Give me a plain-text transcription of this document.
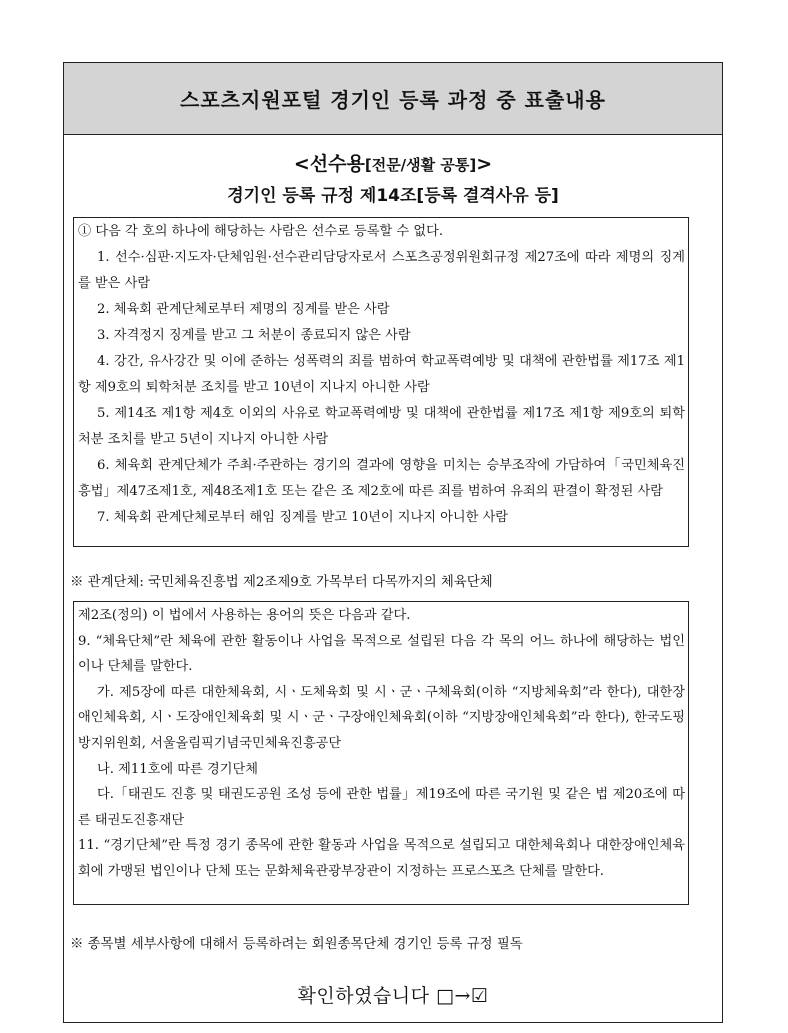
스포츠지원포털 경기인 등록 과정 중 표출내용
<선수용[전문/생활 공통]>
경기인 등록 규정 제14조[등록 결격사유 등]

① 다음 각 호의 하나에 해당하는 사람은 선수로 등록할 수 없다.

1. 선수·심판·지도자·단체임원·선수관리담당자로서 스포츠공정위원회규정 제27조에 따라 제명의 징계를 받은 사람

2. 체육회 관계단체로부터 제명의 징계를 받은 사람

3. 자격정지 징계를 받고 그 처분이 종료되지 않은 사람

4. 강간, 유사강간 및 이에 준하는 성폭력의 죄를 범하여 학교폭력예방 및 대책에 관한법률 제17조 제1항 제9호의 퇴학처분 조치를 받고 10년이 지나지 아니한 사람

5. 제14조 제1항 제4호 이외의 사유로 학교폭력예방 및 대책에 관한법률 제17조 제1항 제9호의 퇴학처분 조치를 받고 5년이 지나지 아니한 사람

6. 체육회 관계단체가 주최·주관하는 경기의 결과에 영향을 미치는 승부조작에 가담하여「국민체육진흥법」제47조제1호, 제48조제1호 또는 같은 조 제2호에 따른 죄를 범하여 유죄의 판결이 확정된 사람

7. 체육회 관계단체로부터 해임 징계를 받고 10년이 지나지 아니한 사람

※ 관계단체: 국민체육진흥법 제2조제9호 가목부터 다목까지의 체육단체

제2조(정의) 이 법에서 사용하는 용어의 뜻은 다음과 같다.

9. “체육단체”란 체육에 관한 활동이나 사업을 목적으로 설립된 다음 각 목의 어느 하나에 해당하는 법인이나 단체를 말한다.

가. 제5장에 따른 대한체육회, 시ㆍ도체육회 및 시ㆍ군ㆍ구체육회(이하 “지방체육회”라 한다), 대한장애인체육회, 시ㆍ도장애인체육회 및 시ㆍ군ㆍ구장애인체육회(이하 “지방장애인체육회”라 한다), 한국도핑방지위원회, 서울올림픽기념국민체육진흥공단

나. 제11호에 따른 경기단체

다.「태권도 진흥 및 태권도공원 조성 등에 관한 법률」제19조에 따른 국기원 및 같은 법 제20조에 따른 태권도진흥재단

11. “경기단체”란 특정 경기 종목에 관한 활동과 사업을 목적으로 설립되고 대한체육회나 대한장애인체육회에 가맹된 법인이나 단체 또는 문화체육관광부장관이 지정하는 프로스포츠 단체를 말한다.

※ 종목별 세부사항에 대해서 등록하려는 회원종목단체 경기인 등록 규정 필독
확인하였습니다 □→☑
